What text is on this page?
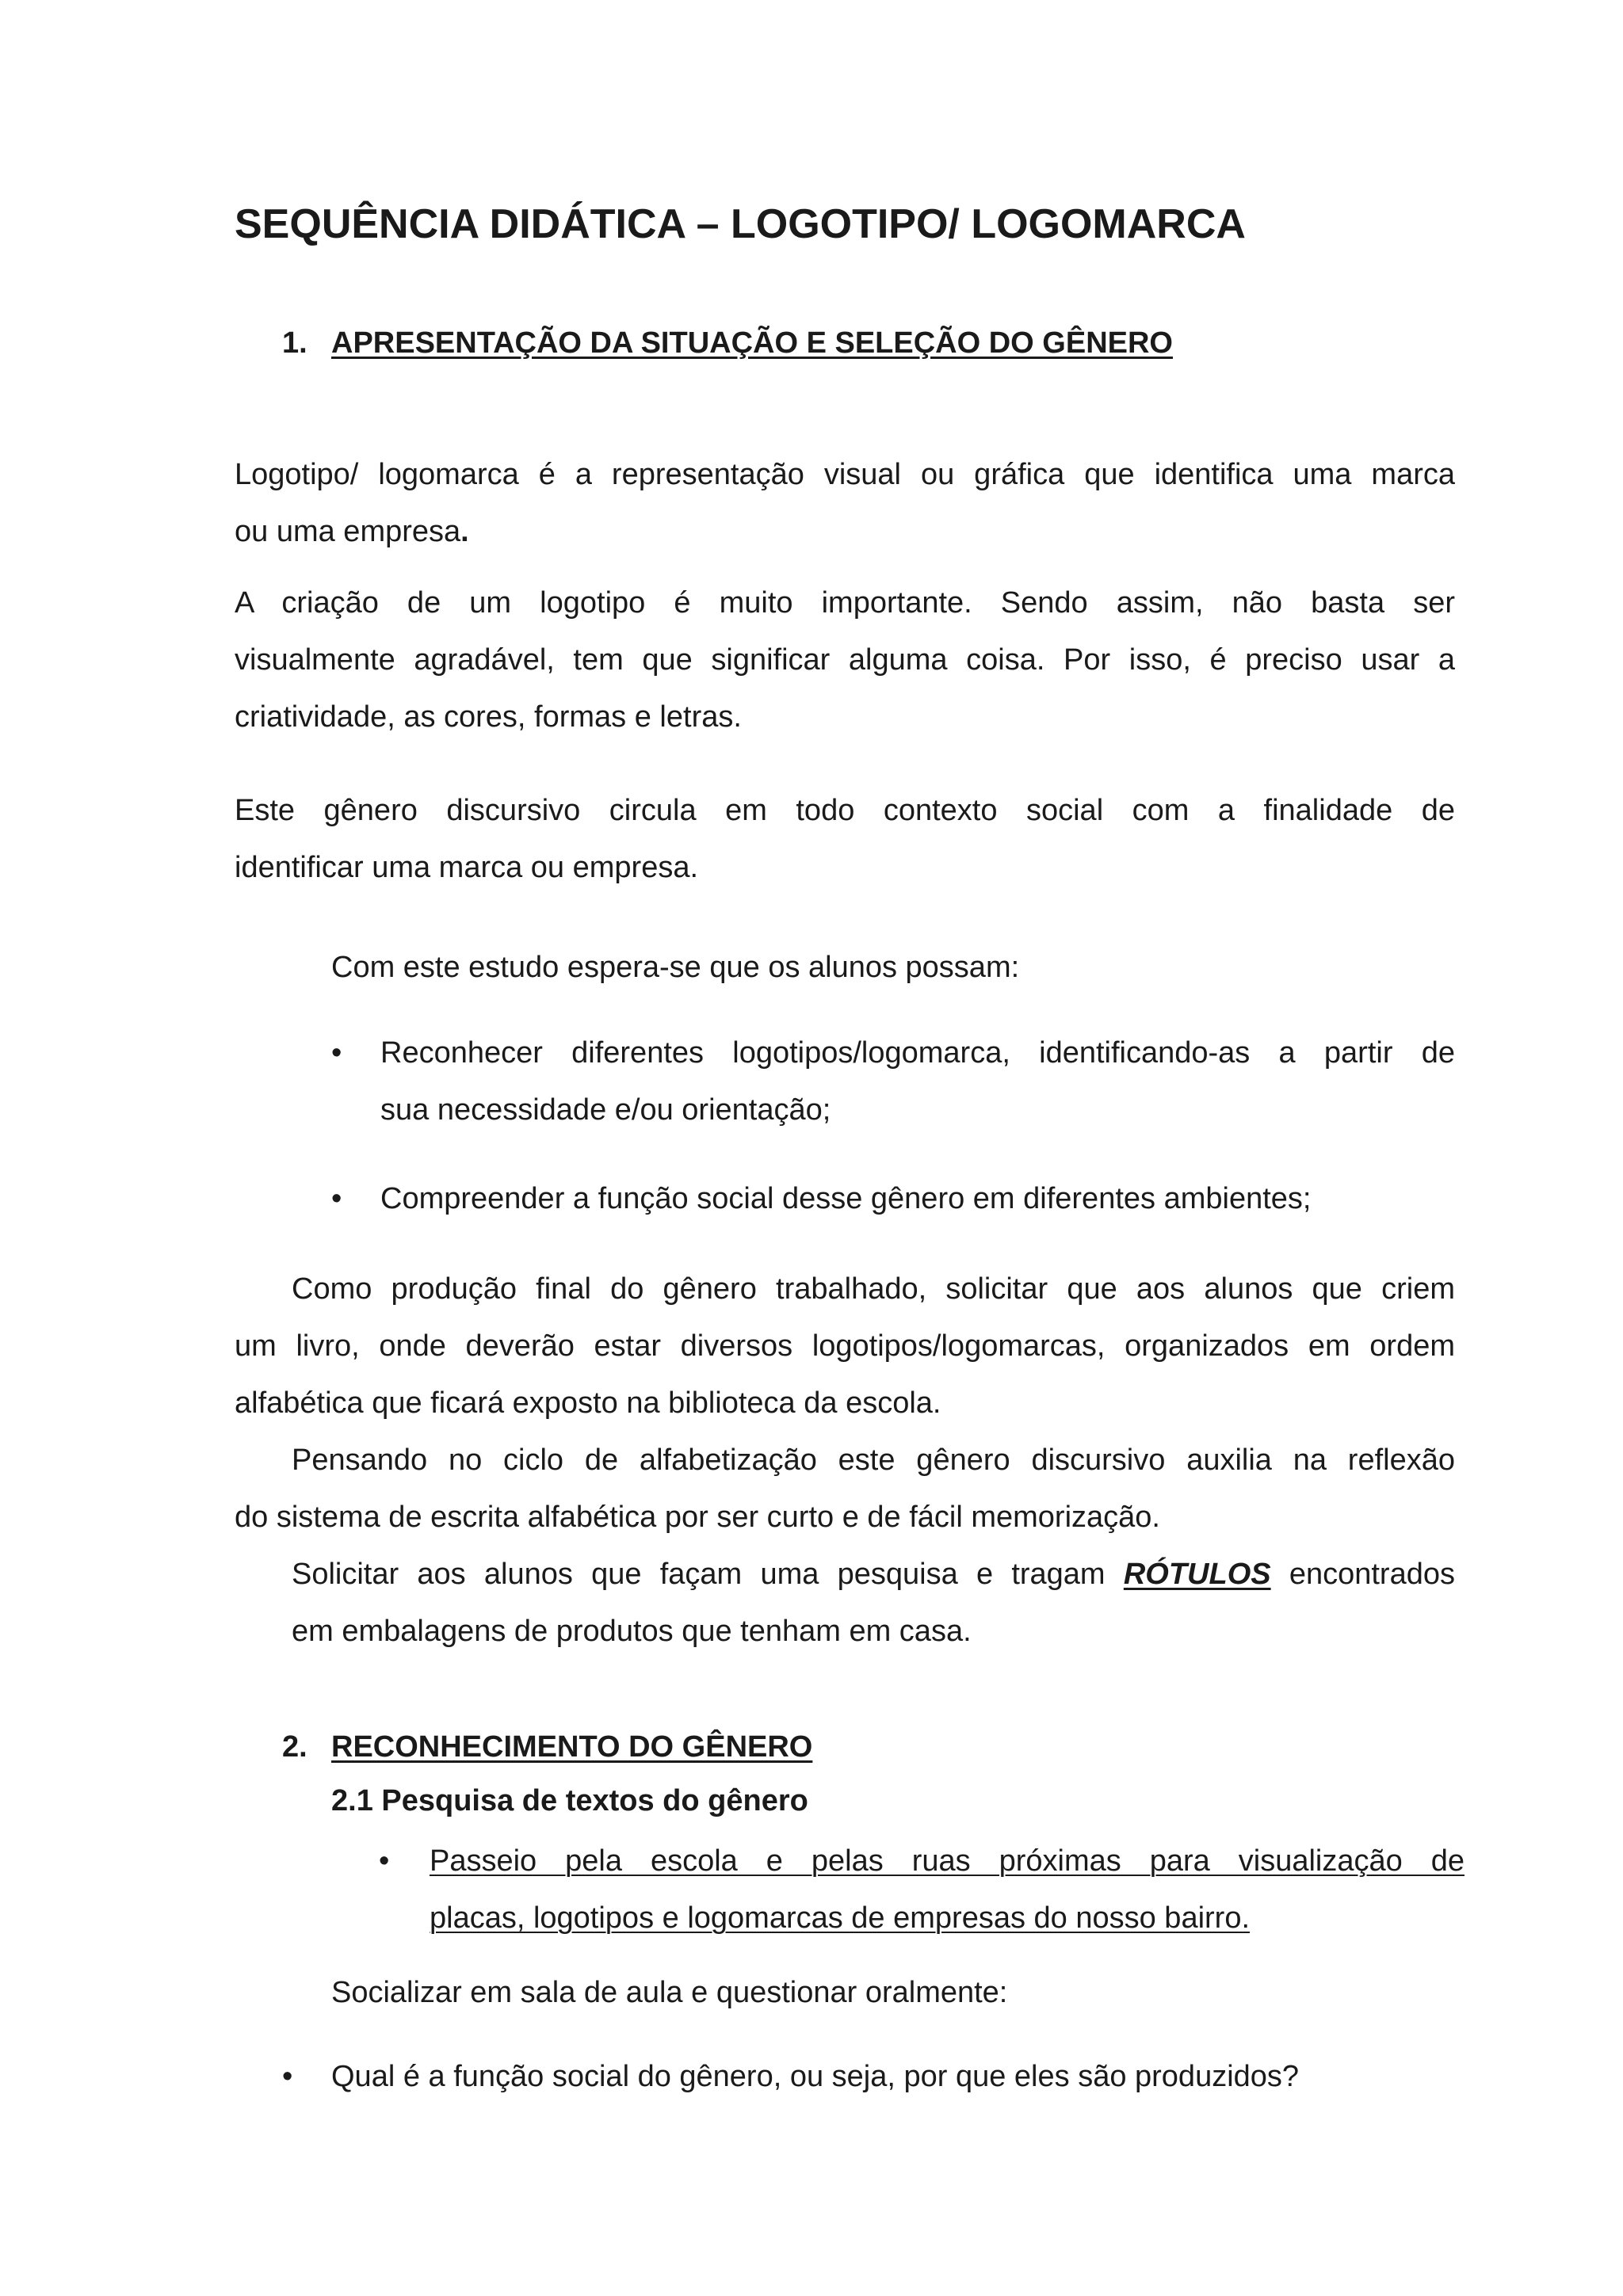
SEQUÊNCIA DIDÁTICA – LOGOTIPO/ LOGOMARCA
1. APRESENTAÇÃO DA SITUAÇÃO E SELEÇÃO DO GÊNERO
Logotipo/ logomarca é a representação visual ou gráfica que identifica uma marca
ou uma empresa.
A criação de um logotipo é muito importante. Sendo assim, não basta ser
visualmente agradável, tem que significar alguma coisa. Por isso, é preciso usar a
criatividade, as cores, formas e letras.
Este gênero discursivo circula em todo contexto social com a finalidade de
identificar uma marca ou empresa.
Com este estudo espera-se que os alunos possam:
• Reconhecer diferentes logotipos/logomarca, identificando-as a partir de
sua necessidade e/ou orientação;
• Compreender a função social desse gênero em diferentes ambientes;
Como produção final do gênero trabalhado, solicitar que aos alunos que criem
um livro, onde deverão estar diversos logotipos/logomarcas, organizados em ordem
alfabética que ficará exposto na biblioteca da escola.
Pensando no ciclo de alfabetização este gênero discursivo auxilia na reflexão
do sistema de escrita alfabética por ser curto e de fácil memorização.
Solicitar aos alunos que façam uma pesquisa e tragam RÓTULOS encontrados
em embalagens de produtos que tenham em casa.
2. RECONHECIMENTO DO GÊNERO
2.1 Pesquisa de textos do gênero
• Passeio pela escola e pelas ruas próximas para visualização de
placas, logotipos e logomarcas de empresas do nosso bairro.
Socializar em sala de aula e questionar oralmente:
• Qual é a função social do gênero, ou seja, por que eles são produzidos?
